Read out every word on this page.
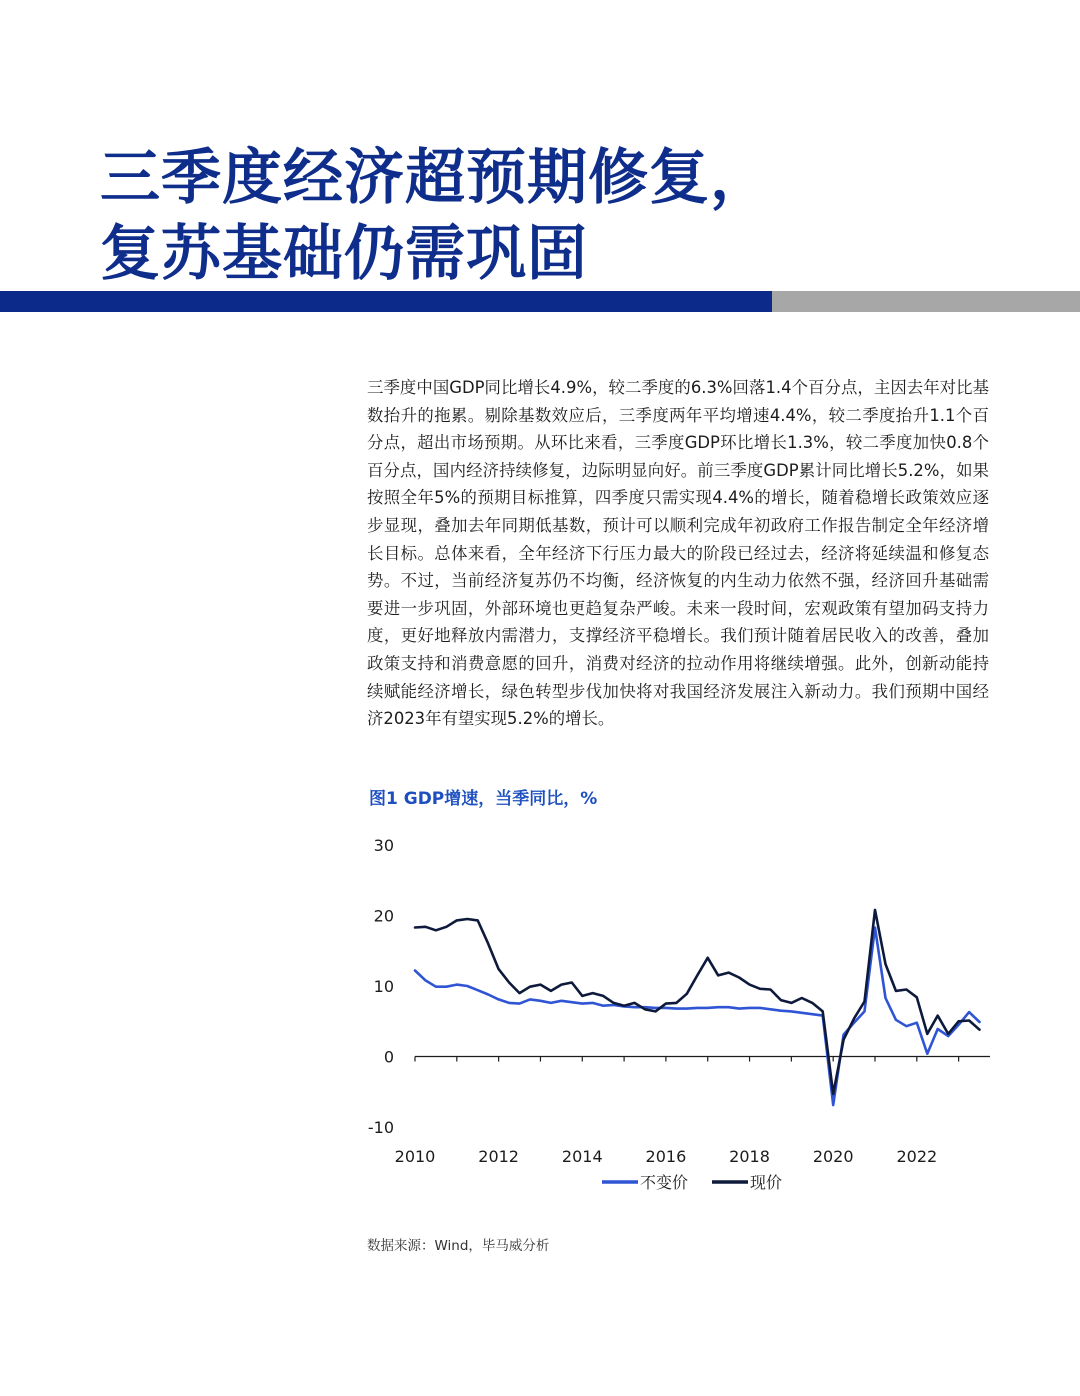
三季度经济超预期修复，
复苏基础仍需巩固

三季度中国GDP同比增长4.9%，较二季度的6.3%回落1.4个百分点，主因去年对比基数抬升的拖累。剔除基数效应后，三季度两年平均增速4.4%，较二季度抬升1.1个百分点，超出市场预期。从环比来看，三季度GDP环比增长1.3%，较二季度加快0.8个百分点，国内经济持续修复，边际明显向好。前三季度GDP累计同比增长5.2%，如果按照全年5%的预期目标推算，四季度只需实现4.4%的增长，随着稳增长政策效应逐步显现，叠加去年同期低基数，预计可以顺利完成年初政府工作报告制定全年经济增长目标。总体来看，全年经济下行压力最大的阶段已经过去，经济将延续温和修复态势。不过，当前经济复苏仍不均衡，经济恢复的内生动力依然不强，经济回升基础需要进一步巩固，外部环境也更趋复杂严峻。未来一段时间，宏观政策有望加码支持力度，更好地释放内需潜力，支撑经济平稳增长。我们预计随着居民收入的改善，叠加政策支持和消费意愿的回升，消费对经济的拉动作用将继续增强。此外，创新动能持续赋能经济增长，绿色转型步伐加快将对我国经济发展注入新动力。我们预期中国经济2023年有望实现5.2%的增长。

图1 GDP增速，当季同比，%

30
20
10
0
-10
2010	2012	2014	2016	2018	2020	2022
不变价	现价

数据来源：Wind，毕马威分析
